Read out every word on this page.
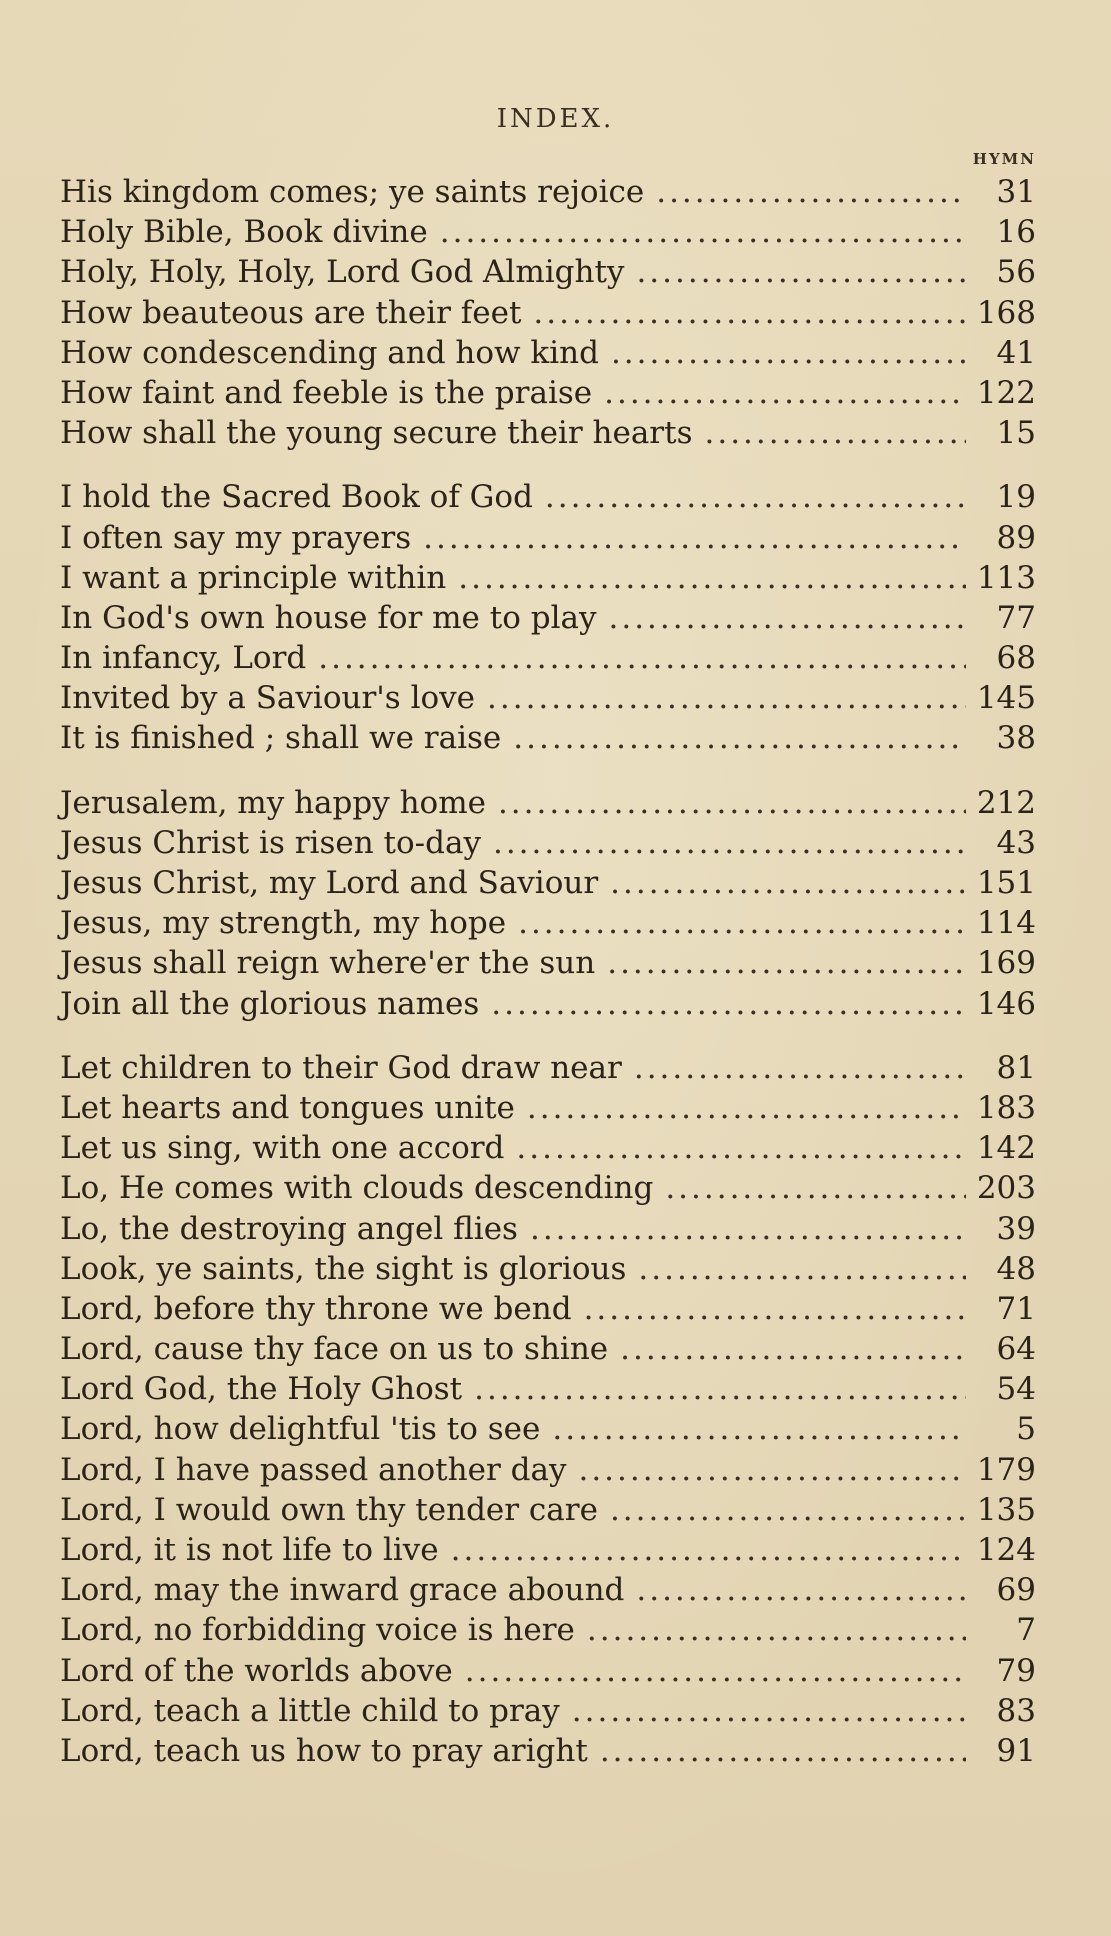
INDEX.
HYMN
His kingdom comes; ye saints rejoice .....	31
Holy Bible, Book divine .....	16
Holy, Holy, Holy, Lord God Almighty .....	56
How beauteous are their feet .....	168
How condescending and how kind .....	41
How faint and feeble is the praise .....	122
How shall the young secure their hearts .....	15
I hold the Sacred Book of God .....	19
I often say my prayers .....	89
I want a principle within .....	113
In God's own house for me to play .....	77
In infancy, Lord .....	68
Invited by a Saviour's love .....	145
It is finished ; shall we raise .....	38
Jerusalem, my happy home .....	212
Jesus Christ is risen to-day .....	43
Jesus Christ, my Lord and Saviour .....	151
Jesus, my strength, my hope .....	114
Jesus shall reign where'er the sun .....	169
Join all the glorious names .....	146
Let children to their God draw near .....	81
Let hearts and tongues unite .....	183
Let us sing, with one accord .....	142
Lo, He comes with clouds descending .....	203
Lo, the destroying angel flies .....	39
Look, ye saints, the sight is glorious .....	48
Lord, before thy throne we bend .....	71
Lord, cause thy face on us to shine .....	64
Lord God, the Holy Ghost .....	54
Lord, how delightful 'tis to see .....	5
Lord, I have passed another day .....	179
Lord, I would own thy tender care .....	135
Lord, it is not life to live .....	124
Lord, may the inward grace abound .....	69
Lord, no forbidding voice is here .....	7
Lord of the worlds above .....	79
Lord, teach a little child to pray .....	83
Lord, teach us how to pray aright .....	91
